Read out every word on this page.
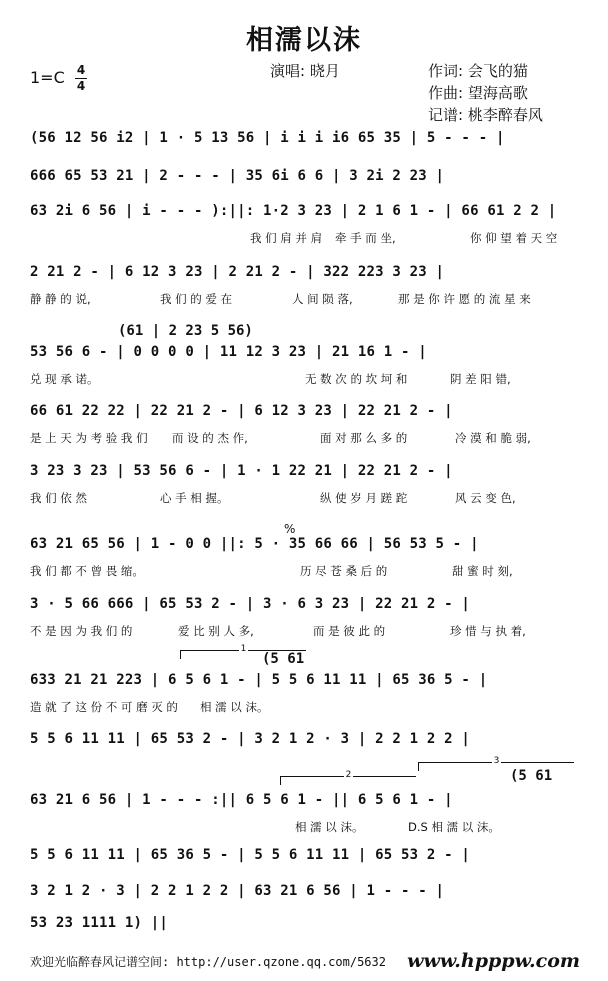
相濡以沫
演唱: 晓月	作词: 会飞的猫
作曲: 望海高歌
记谱: 桃李醉春风
1=C 4
4
(56 12 56 i2 | 1 · 5 13 56 | i i i i6 65 35 | 5 - - - |
666 65 53 21 | 2 - - - | 35 6i 6 6 | 3 2i 2 23 |
63 2i 6 56 | i - - - ):||: 1·2 3 23 | 2 1 6 1 - | 66 61 2 2 |
我 们 肩 并 肩 牵 手 而 坐,	你 仰 望 着 天 空
2 21 2 - | 6 12 3 23 | 2 21 2 - | 322 223 3 23 |
静 静 的 说,	我 们 的 爱 在	人 间 陨 落,	那 是 你 许 愿 的 流 星 来
53 56 6 - | 0 0 0 0 | 11 12 3 23 | 21 16 1 - |
兑 现 承 诺。	无 数 次 的 坎 坷 和	阴 差 阳 错,
66 61 22 22 | 22 21 2 - | 6 12 3 23 | 22 21 2 - |
是 上 天 为 考 验 我 们 而 设 的 杰 作,	面 对 那 么 多 的	冷 漠 和 脆 弱,
3 23 3 23 | 53 56 6 - | 1 · 1 22 21 | 22 21 2 - |
我 们 依 然	心 手 相 握。	纵 使 岁 月 蹉 跎	风 云 变 色,
63 21 65 56 | 1 - 0 0 ||: 5 · 35 66 66 | 56 53 5 - |
我 们 都 不 曾 畏 缩。	历 尽 苍 桑 后 的	甜 蜜 时 刻,
3 · 5 66 666 | 65 53 2 - | 3 · 6 3 23 | 22 21 2 - |
不 是 因 为 我 们 的	爱 比 别 人 多,	而 是 彼 此 的	珍 惜 与 执 着,
633 21 21 223 | 6 5 6 1 - | 5 5 6 11 11 | 65 36 5 - |
造 就 了 这 份 不 可 磨 灭 的 相 濡 以 沫。
5 5 6 11 11 | 65 53 2 - | 3 2 1 2 · 3 | 2 2 1 2 2 |
63 21 6 56 | 1 - - - :|| 6 5 6 1 - || 6 5 6 1 - |
相 濡 以 沫。	D.S 相 濡 以 沫。
5 5 6 11 11 | 65 36 5 - | 5 5 6 11 11 | 65 53 2 - |
3 2 1 2 · 3 | 2 2 1 2 2 | 63 21 6 56 | 1 - - - |
53 23 1111 1) ||
(61 | 2 23 5 56)
(5 61
(5 61
1
2
3
%
欢迎光临醉春风记谱空间: http://user.qzone.qq.com/5632 www.hpppw.com
